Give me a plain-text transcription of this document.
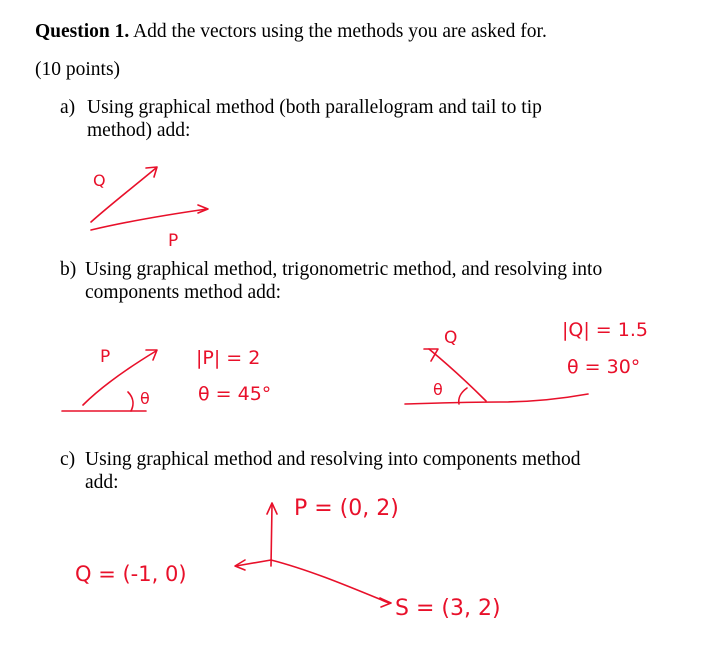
Question 1. Add the vectors using the methods you are asked for.
(10 points)
a) Using graphical method (both parallelogram and tail to tip
method) add:
b) Using graphical method, trigonometric method, and resolving into
components method add:
c) Using graphical method and resolving into components method
add:
Q
P
P
θ
|P| = 2
θ = 45°
Q
θ
|Q| = 1.5
θ = 30°
P = (0, 2)
Q = (-1, 0)
S = (3, 2)
